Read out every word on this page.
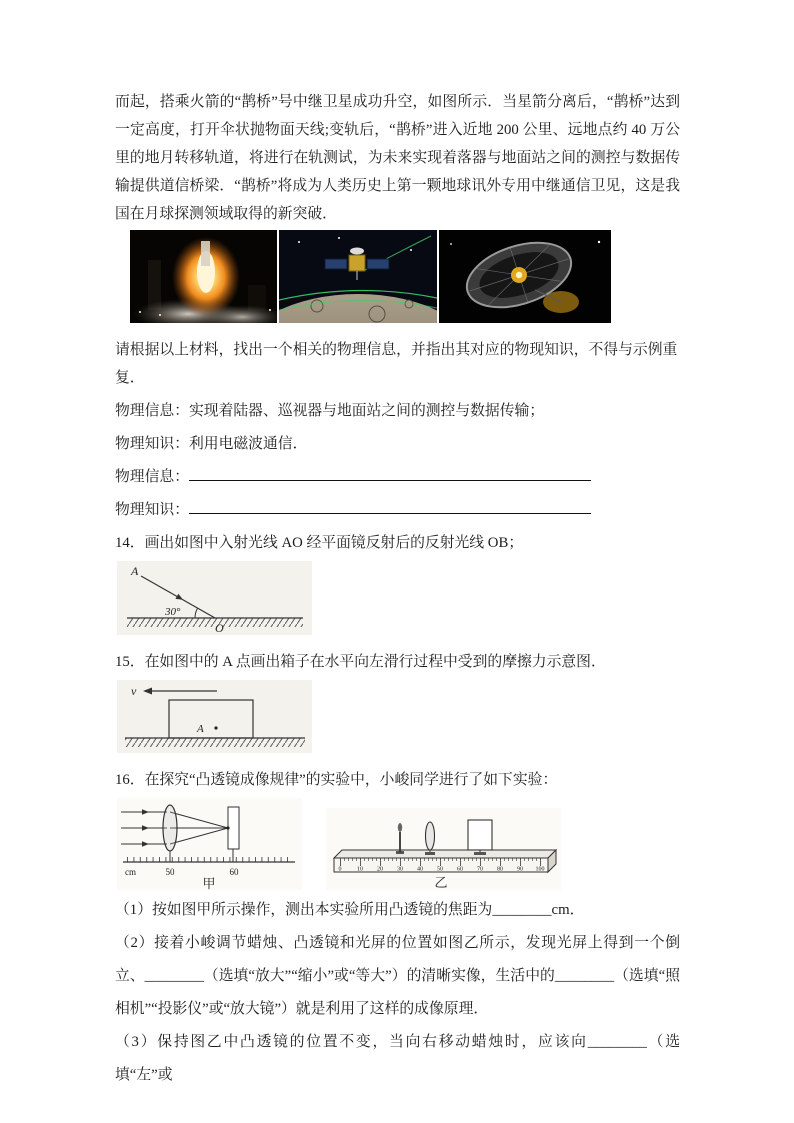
而起，搭乘火箭的“鹊桥”号中继卫星成功升空，如图所示．当星箭分离后，“鹊桥”达到一定高度，打开伞状抛物面天线;变轨后，“鹊桥”进入近地 200 公里、远地点约 40 万公里的地月转移轨道，将进行在轨测试，为未来实现着落器与地面站之间的测控与数据传输提供道信桥梁．“鹊桥”将成为人类历史上第一颗地球讯外专用中继通信卫见，这是我国在月球探测领域取得的新突破．

请根据以上材料，找出一个相关的物理信息，并指出其对应的物现知识，不得与示例重复．

物理信息：实现着陆器、巡视器与地面站之间的测控与数据传输；

物理知识：利用电磁波通信．

物理信息：
物理知识：

14．画出如图中入射光线 AO 经平面镜反射后的反射光线 OB；

A
30°
O

15．在如图中的 A 点画出箱子在水平向左滑行过程中受到的摩擦力示意图．

v
A

16．在探究“凸透镜成像规律”的实验中，小峻同学进行了如下实验：

cm	50	60
甲
0	10 20 30 40 50 60 70 80 90 100
乙

（1）按如图甲所示操作，测出本实验所用凸透镜的焦距为________cm．

（2）接着小峻调节蜡烛、凸透镜和光屏的位置如图乙所示，发现光屏上得到一个倒立、________（选填“放大”“缩小”或“等大”）的清晰实像，生活中的________（选填“照相机”“投影仪”或“放大镜”）就是利用了这样的成像原理．

（3）保持图乙中凸透镜的位置不变，当向右移动蜡烛时，应该向________（选填“左”或
